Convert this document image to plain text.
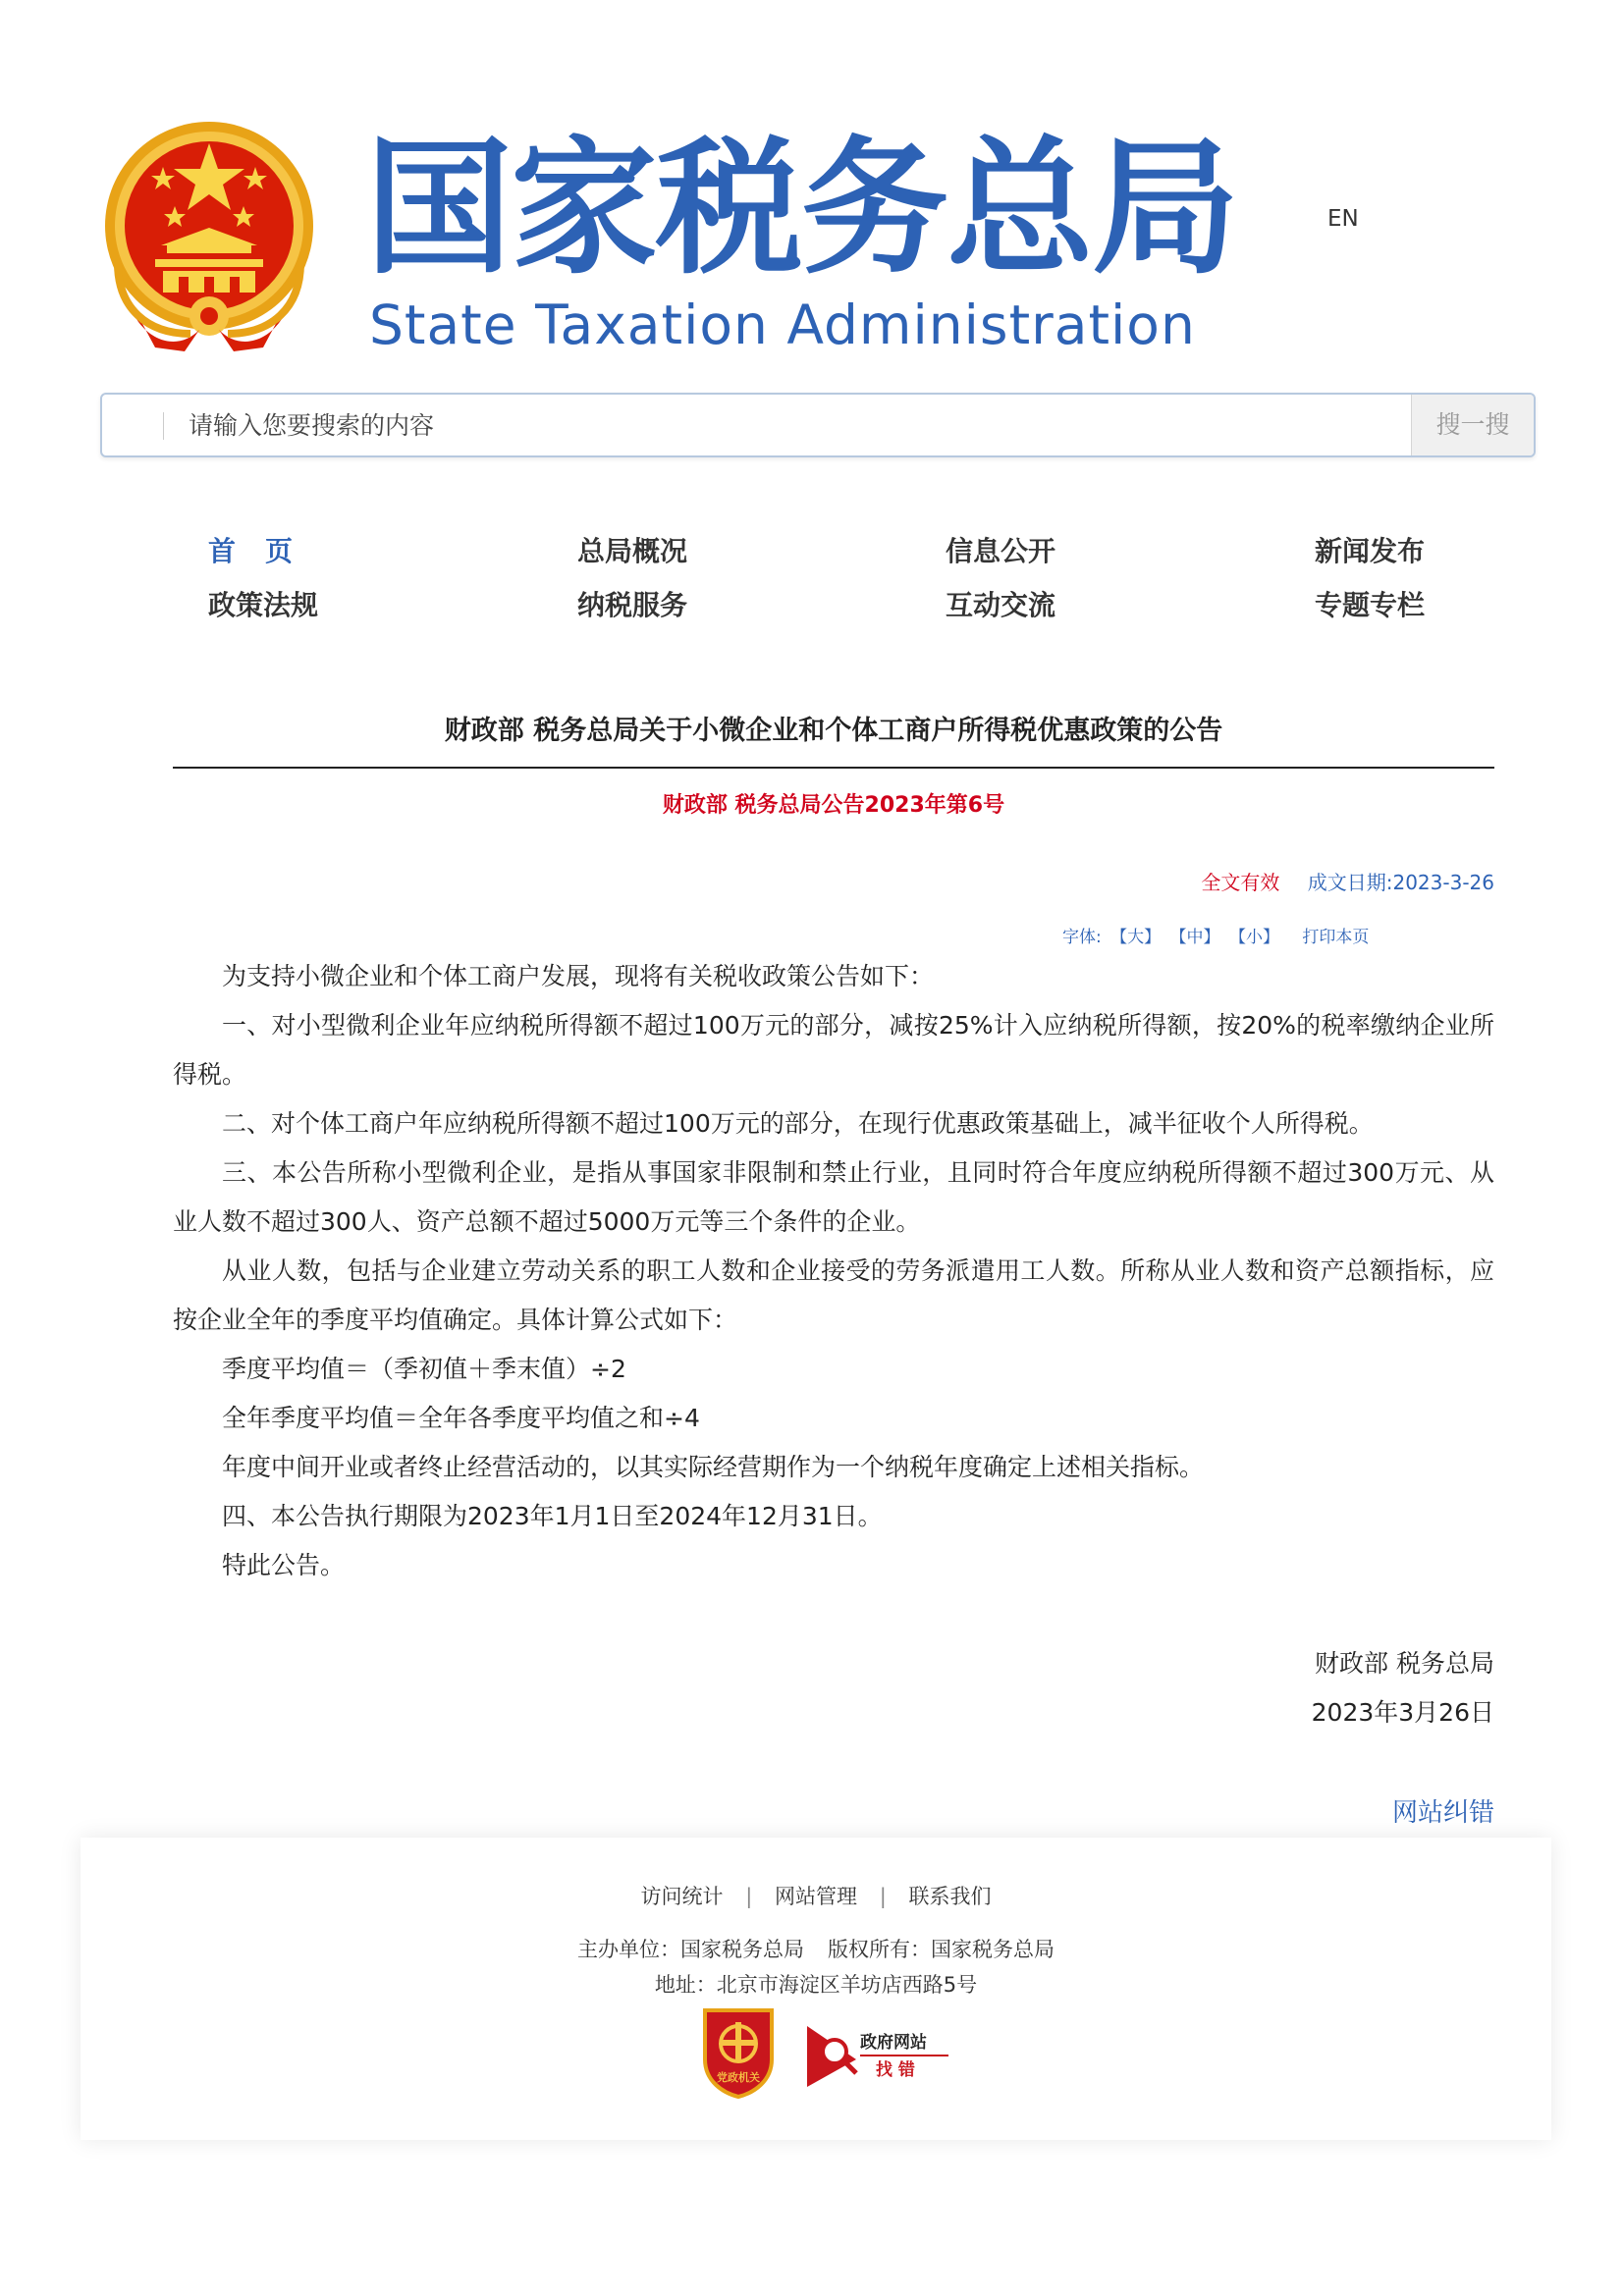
国家税务总局
State Taxation Administration
EN
请输入您要搜索的内容
搜一搜
首页	总局概况	信息公开	新闻发布
政策法规	纳税服务	互动交流	专题专栏
财政部 税务总局关于小微企业和个体工商户所得税优惠政策的公告
财政部 税务总局公告2023年第6号
全文有效 成文日期:2023-3-26
字体: 【大】 【中】 【小】 打印本页

为支持小微企业和个体工商户发展，现将有关税收政策公告如下：

一、对小型微利企业年应纳税所得额不超过100万元的部分，减按25%计入应纳税所得额，按20%的税率缴纳企业所得税。

二、对个体工商户年应纳税所得额不超过100万元的部分，在现行优惠政策基础上，减半征收个人所得税。

三、本公告所称小型微利企业，是指从事国家非限制和禁止行业，且同时符合年度应纳税所得额不超过300万元、从业人数不超过300人、资产总额不超过5000万元等三个条件的企业。

从业人数，包括与企业建立劳动关系的职工人数和企业接受的劳务派遣用工人数。所称从业人数和资产总额指标，应按企业全年的季度平均值确定。具体计算公式如下：

季度平均值＝（季初值＋季末值）÷2

全年季度平均值＝全年各季度平均值之和÷4

年度中间开业或者终止经营活动的，以其实际经营期作为一个纳税年度确定上述相关指标。

四、本公告执行期限为2023年1月1日至2024年12月31日。

特此公告。

财政部 税务总局
2023年3月26日
网站纠错
访问统计 | 网站管理 | 联系我们
主办单位：国家税务总局 版权所有：国家税务总局
地址：北京市海淀区羊坊店西路5号
党政机关
政府网站
找 错
